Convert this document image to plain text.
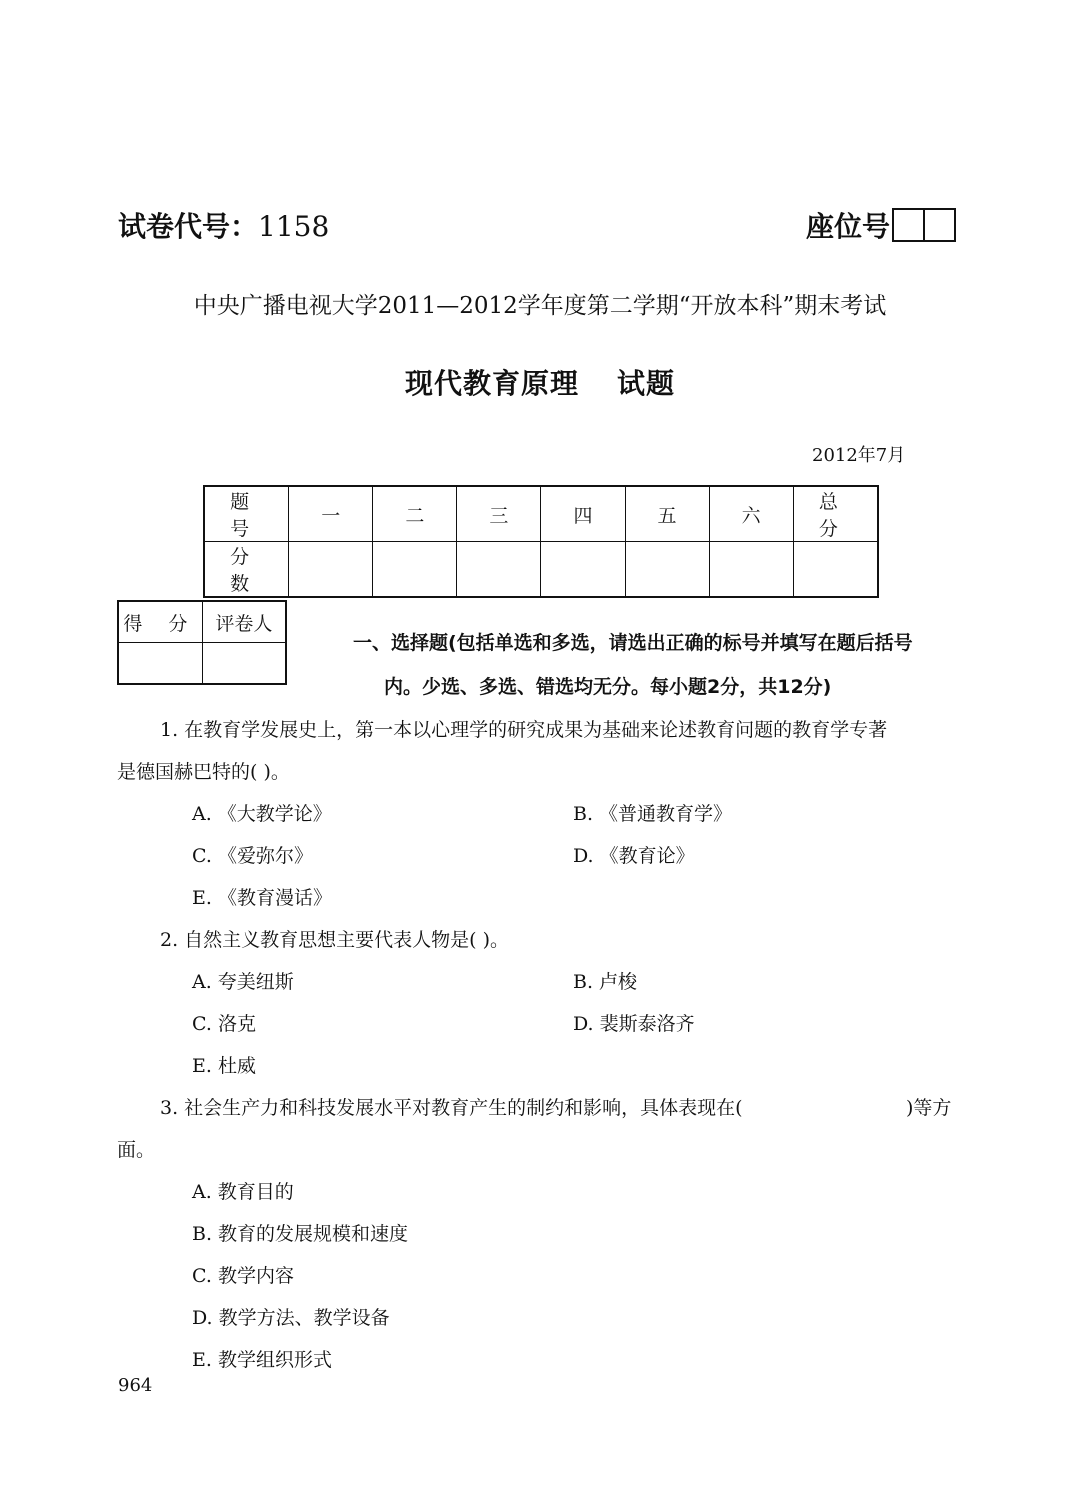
试卷代号：1158	座位号
中央广播电视大学2011—2012学年度第二学期“开放本科”期末考试
现代教育原理 试题
2012年7月
题 号	一	二	三	四	五	六	总 分
分 数							
得 分	评卷人

一、选择题(包括单选和多选，请选出正确的标号并填写在题后括号
内。少选、多选、错选均无分。每小题2分，共12分)
1. 在教育学发展史上，第一本以心理学的研究成果为基础来论述教育问题的教育学专著
是德国赫巴特的( )。
A. 《大教学论》	B. 《普通教育学》
C. 《爱弥尔》	D. 《教育论》
E. 《教育漫话》
2. 自然主义教育思想主要代表人物是( )。
A. 夸美纽斯	B. 卢梭
C. 洛克	D. 裴斯泰洛齐
E. 杜威
3. 社会生产力和科技发展水平对教育产生的制约和影响，具体表现在(	)等方
面。
A. 教育目的
B. 教育的发展规模和速度
C. 教学内容
D. 教学方法、教学设备
E. 教学组织形式
964
